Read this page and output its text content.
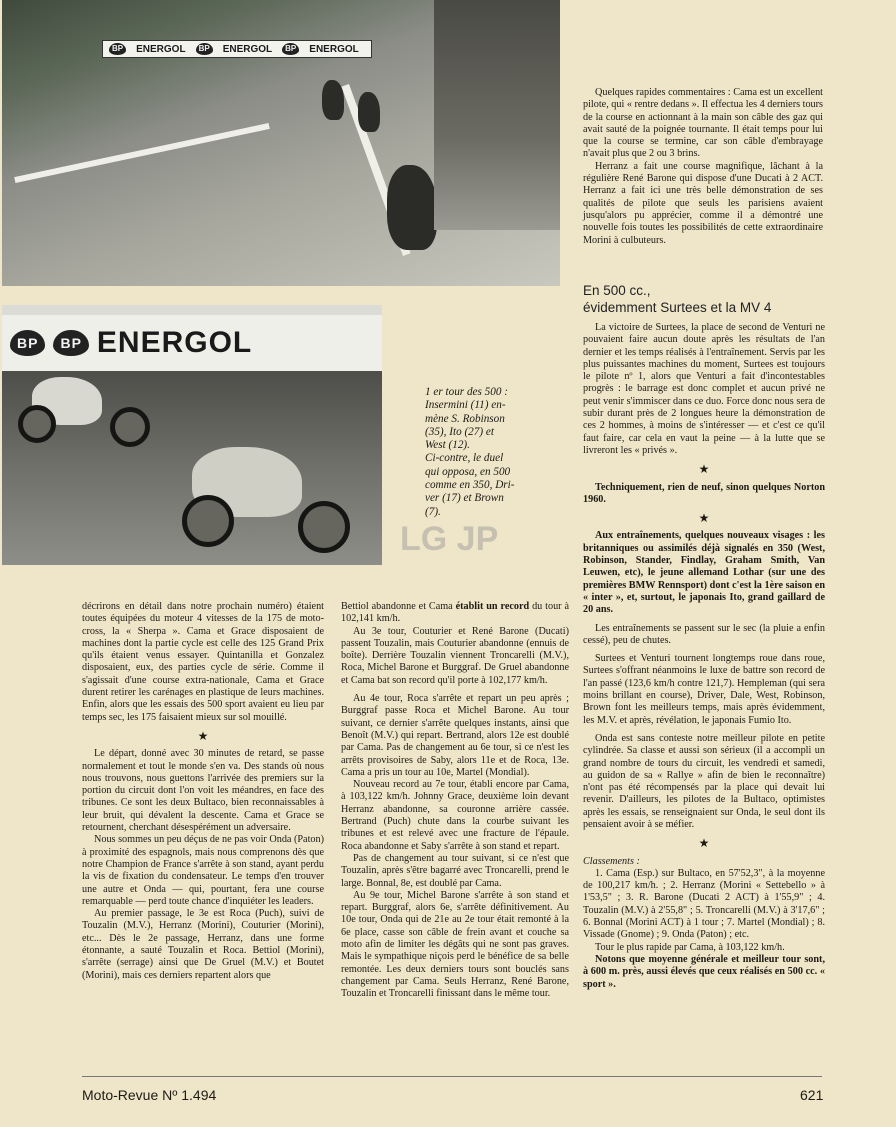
BP	ENERGOL	BP	ENERGOL	BP	ENERGOL
BP	BP ENERGOL
LG JP
1 er tour des 500 :
Insermini (11) en-
mène S. Robinson
(35), Ito (27) et
West (12).
Ci-contre, le duel
qui opposa, en 500
comme en 350, Dri-
ver (17) et Brown
(7).

Quelques rapides commentaires : Cama est un excellent pilote, qui « rentre dedans ». Il effectua les 4 derniers tours de la course en actionnant à la main son câble des gaz qui avait sauté de la poignée tournante. Il était temps pour lui que la course se termine, car son câble d'embrayage n'avait plus que 2 ou 3 brins.

Herranz a fait une course magnifique, lâchant à la régulière René Barone qui dispose d'une Ducati à 2 ACT. Herranz a fait ici une très belle démonstration de ses qualités de pilote que seuls les parisiens avaient jusqu'alors pu apprécier, comme il a démontré une nouvelle fois toutes les possibilités de cette extraordinaire Morini à culbuteurs.

En 500 cc.,
évidemment Surtees et la MV 4

La victoire de Surtees, la place de second de Venturi ne pouvaient faire aucun doute après les résultats de l'an dernier et les temps réalisés à l'entraînement. Servis par les plus puissantes machines du moment, Surtees est toujours le pilote nº 1, alors que Venturi a fait d'incontestables progrès : le barrage est donc complet et aucun privé ne peut venir s'immiscer dans ce duo. Force donc nous sera de subir durant près de 2 longues heure la démonstration de ces 2 hommes, à moins de s'intéresser — et c'est ce qu'il faut faire, car cela en vaut la peine — à la lutte que se livreront les « privés ».

★

Techniquement, rien de neuf, sinon quelques Norton 1960.

★

Aux entraînements, quelques nouveaux visages : les britanniques ou assimilés déjà signalés en 350 (West, Robinson, Stander, Findlay, Graham Smith, Van Leuwen, etc), le jeune allemand Lothar (sur une des premières BMW Rennsport) dont c'est la 1ère saison en « inter », et, surtout, le japonais Ito, grand gaillard de 20 ans.

Les entraînements se passent sur le sec (la pluie a enfin cessé), peu de chutes.

Surtees et Venturi tournent longtemps roue dans roue, Surtees s'offrant néanmoins le luxe de battre son record de l'an passé (123,6 km/h contre 121,7). Hempleman (qui sera moins brillant en course), Driver, Dale, West, Robinson, Brown font les meilleurs temps, mais après évidemment, les M.V. et après, révélation, le japonais Fumio Ito.

Onda est sans conteste notre meilleur pilote en petite cylindrée. Sa classe et aussi son sérieux (il a accompli un grand nombre de tours du circuit, les vendredi et samedi, au guidon de sa « Rallye » afin de bien le reconnaître) n'ont pas été récompensés par la place qui devait lui revenir. D'ailleurs, les pilotes de la Bultaco, optimistes après les essais, se renseignaient sur Onda, le seul dont ils pensaient avoir à se méfier.

★

Classements :

1. Cama (Esp.) sur Bultaco, en 57'52,3", à la moyenne de 100,217 km/h. ; 2. Herranz (Morini « Settebello » à 1'53,5" ; 3. R. Barone (Ducati 2 ACT) à 1'55,9" ; 4. Touzalin (M.V.) à 2'55,8" ; 5. Troncarelli (M.V.) à 3'17,6" ; 6. Bonnal (Morini ACT) à 1 tour ; 7. Martel (Mondial) ; 8. Vissade (Gnome) ; 9. Onda (Paton) ; etc.

Tour le plus rapide par Cama, à 103,122 km/h.

Notons que moyenne générale et meilleur tour sont, à 600 m. près, aussi élevés que ceux réalisés en 500 cc. « sport ».

décrirons en détail dans notre prochain numéro) étaient toutes équipées du moteur 4 vitesses de la 175 de moto-cross, la « Sherpa ». Cama et Grace disposaient de machines dont la partie cycle est celle des 125 Grand Prix qu'ils étaient venus essayer. Quintanilla et Gonzalez disposaient, eux, des parties cycle de série. Comme il s'agissait d'une course extra-nationale, Cama et Grace durent retirer les carénages en plastique de leurs machines. Enfin, alors que les essais des 500 sport avaient eu lieu par temps sec, les 175 faisaient mieux sur sol mouillé.

★

Le départ, donné avec 30 minutes de retard, se passe normalement et tout le monde s'en va. Des stands où nous nous trouvons, nous guettons l'arrivée des premiers sur la portion du circuit dont l'on voit les méandres, en face des tribunes. Ce sont les deux Bultaco, bien reconnaissables à leur bruit, qui dévalent la descente. Cama et Grace se retournent, cherchant désespérément un adversaire.

Nous sommes un peu déçus de ne pas voir Onda (Paton) à proximité des espagnols, mais nous comprenons dès que notre Champion de France s'arrête à son stand, ayant perdu la vis de fixation du condensateur. Le temps d'en trouver une autre et Onda — qui, pourtant, fera une course remarquable — perd toute chance d'inquiéter les leaders.

Au premier passage, le 3e est Roca (Puch), suivi de Touzalin (M.V.), Herranz (Morini), Couturier (Morini), etc... Dès le 2e passage, Herranz, dans une forme étonnante, a sauté Touzalin et Roca. Bettiol (Morini), s'arrête (serrage) ainsi que De Gruel (M.V.) et Boutet (Morini), mais ces derniers repartent alors que

Bettiol abandonne et Cama établit un record du tour à 102,141 km/h.

Au 3e tour, Couturier et René Barone (Ducati) passent Touzalin, mais Couturier abandonne (ennuis de boîte). Derrière Touzalin viennent Troncarelli (M.V.), Roca, Michel Barone et Burggraf. De Gruel abandonne et Cama bat son record qu'il porte à 102,177 km/h.

Au 4e tour, Roca s'arrête et repart un peu après ; Burggraf passe Roca et Michel Barone. Au tour suivant, ce dernier s'arrête quelques instants, ainsi que Benoît (M.V.) qui repart. Bertrand, alors 12e est doublé par Cama. Pas de changement au 6e tour, si ce n'est les arrêts provisoires de Saby, alors 11e et de Roca, 13e. Cama a pris un tour au 10e, Martel (Mondial).

Nouveau record au 7e tour, établi encore par Cama, à 103,122 km/h. Johnny Grace, deuxième loin devant Herranz abandonne, sa couronne arrière cassée. Bertrand (Puch) chute dans la courbe suivant les tribunes et est relevé avec une fracture de l'épaule. Roca abandonne et Saby s'arrête à son stand et repart.

Pas de changement au tour suivant, si ce n'est que Touzalin, après s'être bagarré avec Troncarelli, prend le large. Bonnal, 8e, est doublé par Cama.

Au 9e tour, Michel Barone s'arrête à son stand et repart. Burggraf, alors 6e, s'arrête définitivement. Au 10e tour, Onda qui de 21e au 2e tour était remonté à la 6e place, casse son câble de frein avant et couche sa moto afin de limiter les dégâts qui ne sont pas graves. Mais le sympathique niçois perd le bénéfice de sa belle remontée. Les deux derniers tours sont bouclés sans changement par Cama. Seuls Herranz, René Barone, Touzalin et Troncarelli finissant dans le même tour.

Moto-Revue Nº 1.494	621
